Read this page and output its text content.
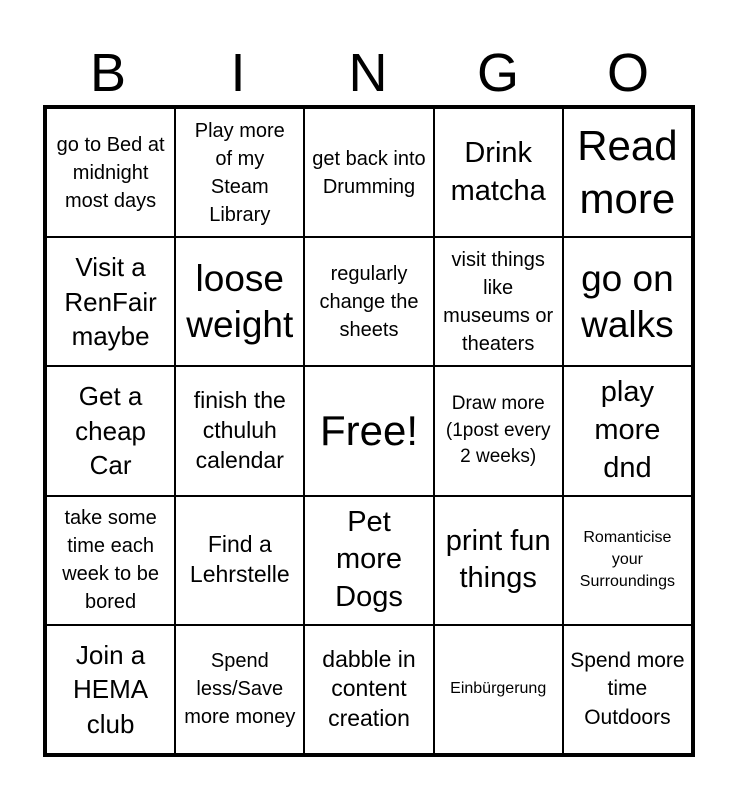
B	I	N	G	O
go to Bed at midnight most days
Play more of my Steam Library
get back into Drumming
Drink matcha
Read more
Visit a RenFair maybe
loose weight
regularly change the sheets
visit things like museums or theaters
go on walks
Get a cheap Car
finish the cthuluh calendar
Free!
Draw more (1post every 2 weeks)
play more dnd
take some time each week to be bored
Find a Lehrstelle
Pet more Dogs
print fun things
Romanticise your Surroundings
Join a HEMA club
Spend less/Save more money
dabble in content creation
Einbürgerung
Spend more time Outdoors
